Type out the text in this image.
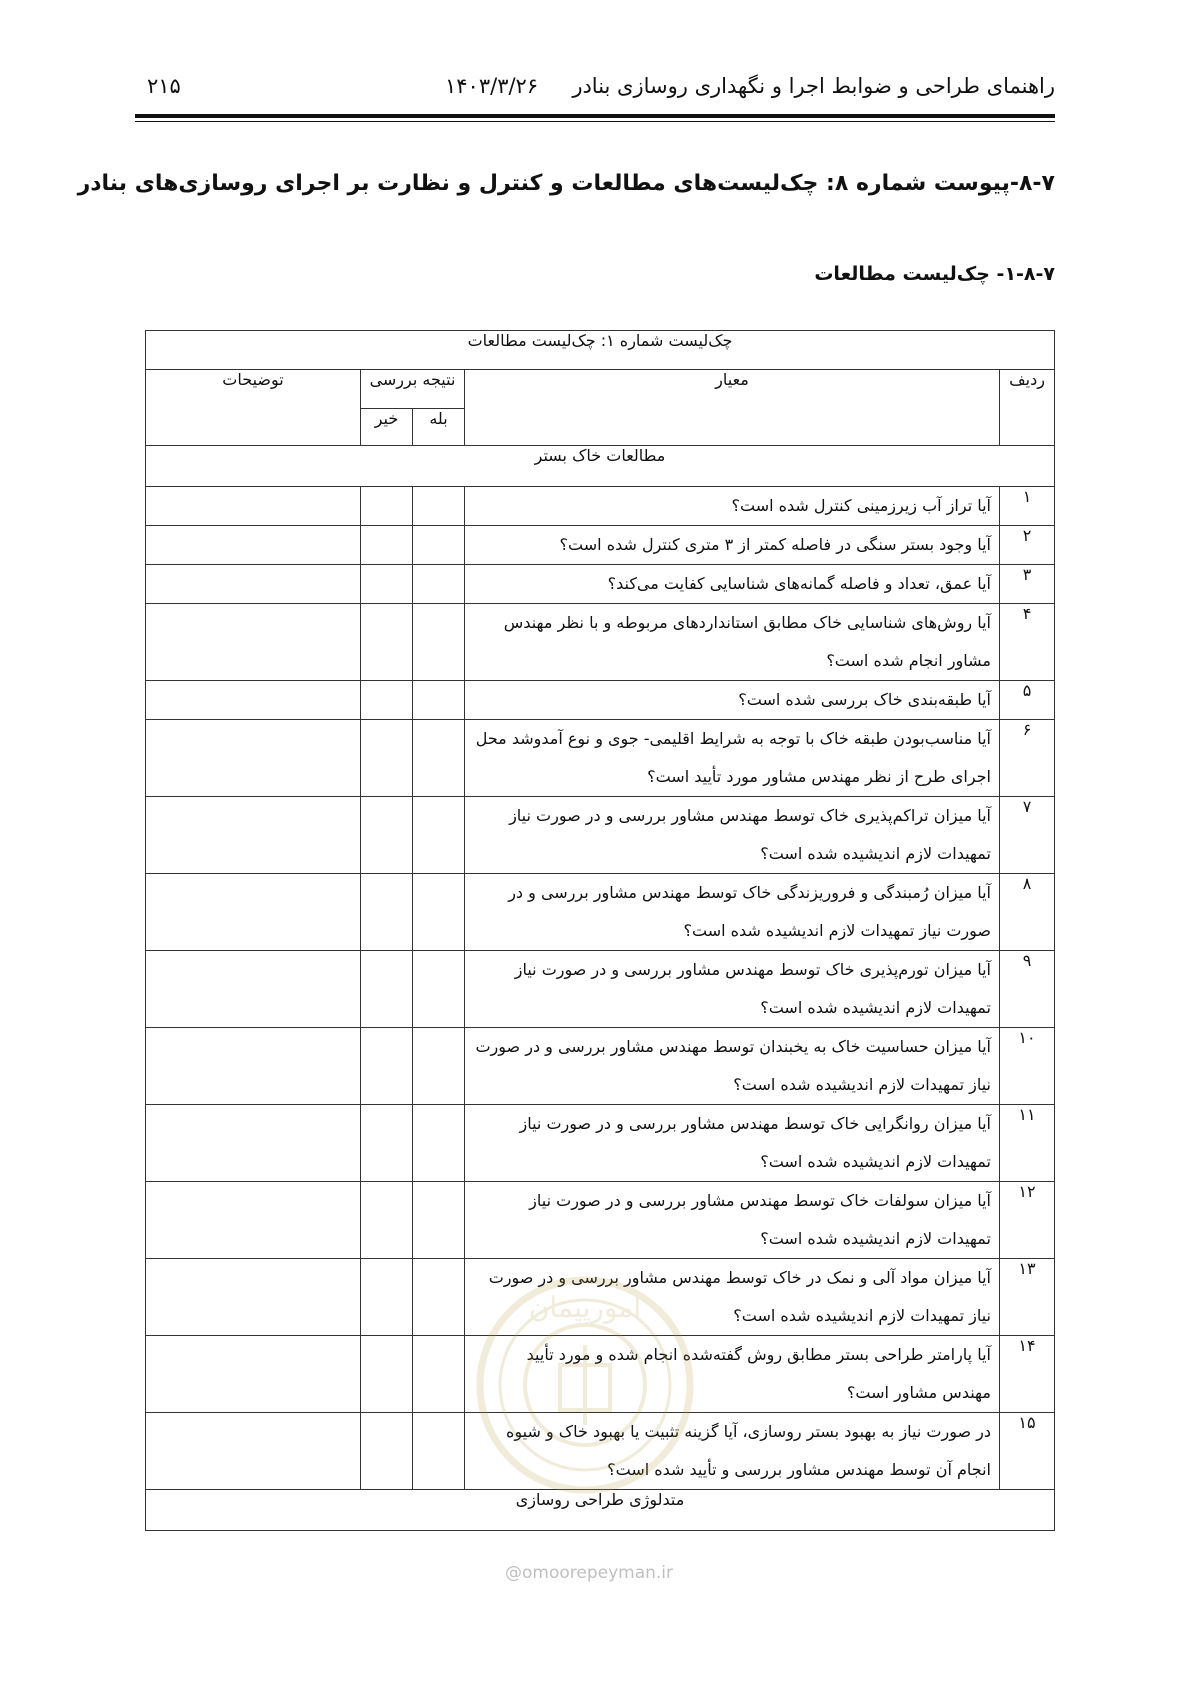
راهنمای طراحی و ضوابط اجرا و نگهداری روسازی بنادر
۱۴۰۳/۳/۲۶
۲۱۵
۸-۷-پیوست شماره ۸: چک‌لیست‌های مطالعات و کنترل و نظارت بر اجرای روسازی‌های بنادر
۱-۸-۷- چک‌لیست مطالعات
چک‌لیست شماره ۱: چک‌لیست مطالعات				
ردیف	معیار	نتیجه بررسی		توضیحات
		بله	خیر	
مطالعات خاک بستر				
۱	آیا تراز آب زیرزمینی کنترل شده است؟			
۲	آیا وجود بستر سنگی در فاصله کمتر از ۳ متری کنترل شده است؟			
۳	آیا عمق، تعداد و فاصله گمانه‌های شناسایی کفایت می‌کند؟			
۴	آیا روش‌های شناسایی خاک مطابق استانداردهای مربوطه و با نظر مهندس مشاور انجام شده است؟			
۵	آیا طبقه‌بندی خاک بررسی شده است؟			
۶	آیا مناسب‌بودن طبقه خاک با توجه به شرایط اقلیمی- جوی و نوع آمدوشد محل اجرای طرح از نظر مهندس مشاور مورد تأیید است؟			
۷	آیا میزان تراکم‌پذیری خاک توسط مهندس مشاور بررسی و در صورت نیاز تمهیدات لازم اندیشیده شده است؟			
۸	آیا میزان رُمبندگی و فروریزندگی خاک توسط مهندس مشاور بررسی و در صورت نیاز تمهیدات لازم اندیشیده شده است؟			
۹	آیا میزان تورم‌پذیری خاک توسط مهندس مشاور بررسی و در صورت نیاز تمهیدات لازم اندیشیده شده است؟			
۱۰	آیا میزان حساسیت خاک به یخبندان توسط مهندس مشاور بررسی و در صورت نیاز تمهیدات لازم اندیشیده شده است؟			
۱۱	آیا میزان روانگرایی خاک توسط مهندس مشاور بررسی و در صورت نیاز تمهیدات لازم اندیشیده شده است؟			
۱۲	آیا میزان سولفات خاک توسط مهندس مشاور بررسی و در صورت نیاز تمهیدات لازم اندیشیده شده است؟			
۱۳	آیا میزان مواد آلی و نمک در خاک توسط مهندس مشاور بررسی و در صورت نیاز تمهیدات لازم اندیشیده شده است؟			
۱۴	آیا پارامتر طراحی بستر مطابق روش گفته‌شده انجام شده و مورد تأیید مهندس مشاور است؟			
۱۵	در صورت نیاز به بهبود بستر روسازی، آیا گزینه تثبیت یا بهبود خاک و شیوه انجام آن توسط مهندس مشاور بررسی و تأیید شده است؟			
متدلوژی طراحی روسازی				
امورپیمان
@omoorepeyman.ir
